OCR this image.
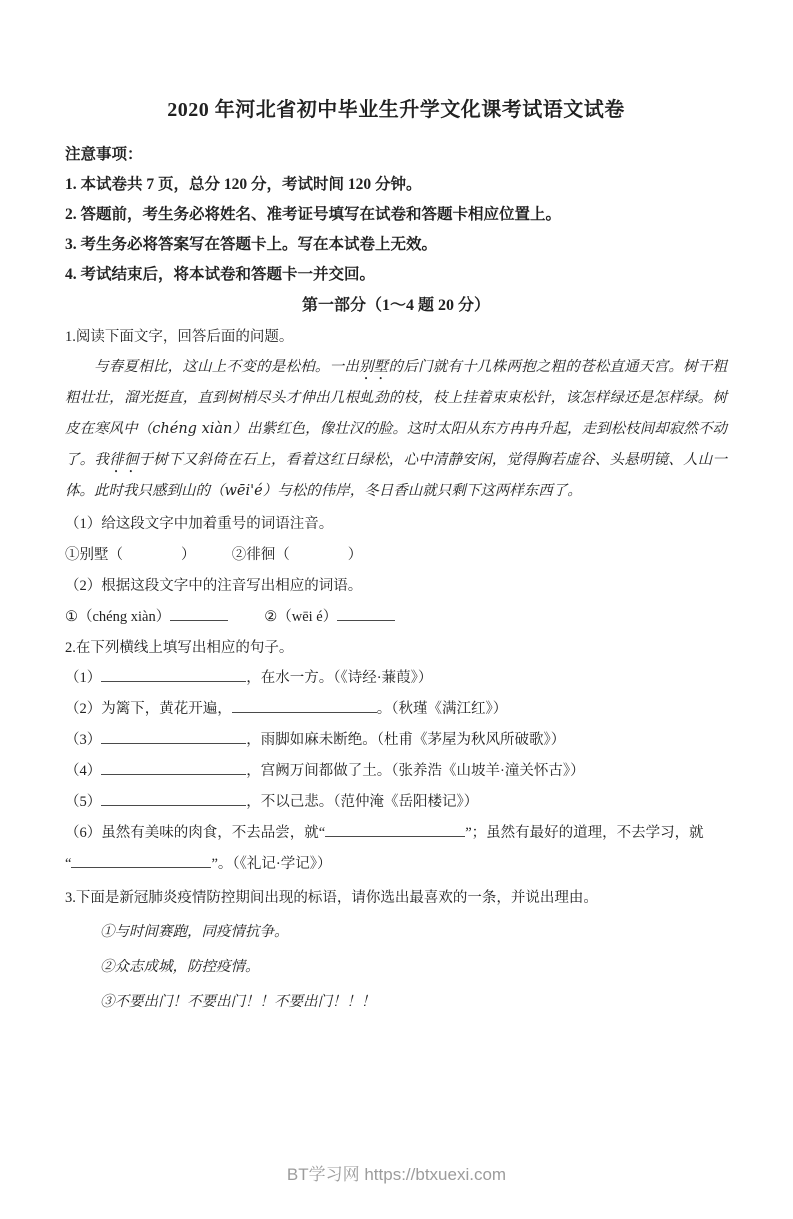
2020 年河北省初中毕业生升学文化课考试语文试卷
注意事项：
1. 本试卷共 7 页，总分 120 分，考试时间 120 分钟。
2. 答题前，考生务必将姓名、准考证号填写在试卷和答题卡相应位置上。
3. 考生务必将答案写在答题卡上。写在本试卷上无效。
4. 考试结束后，将本试卷和答题卡一并交回。
第一部分（1～4 题 20 分）
1.阅读下面文字，回答后面的问题。

与春夏相比，这山上不变的是松柏。一出别墅的后门就有十几株两抱之粗的苍松直通天宫。树干粗粗壮壮，溜光挺直，直到树梢尽头才伸出几根虬劲的枝，枝上挂着束束松针，该怎样绿还是怎样绿。树皮在寒风中（chéng xiàn）出紫红色，像壮汉的脸。这时太阳从东方冉冉升起，走到松枝间却寂然不动了。我徘徊于树下又斜倚在石上，看着这红日绿松，心中清静安闲，觉得胸若虚谷、头悬明镜、人山一体。此时我只感到山的（wēi'é）与松的伟岸，冬日香山就只剩下这两样东西了。

（1）给这段文字中加着重号的词语注音。
①别墅（　　　　）　　　②徘徊（　　　　）
（2）根据这段文字中的注音写出相应的词语。
①（chéng xiàn）	②（wēi é）
2.在下列横线上填写出相应的句子。
（1）	，在水一方。（《诗经·蒹葭》）
（2）为篱下，黄花开遍，	。（秋瑾《满江红》）
（3）	，雨脚如麻未断绝。（杜甫《茅屋为秋风所破歌》）
（4）	，宫阙万间都做了土。（张养浩《山坡羊·潼关怀古》）
（5）	，不以己悲。（范仲淹《岳阳楼记》）
（6）虽然有美味的肉食，不去品尝，就“	”；虽然有最好的道理，不去学习，就
“	”。（《礼记·学记》）
3.下面是新冠肺炎疫情防控期间出现的标语，请你选出最喜欢的一条，并说出理由。
①与时间赛跑，同疫情抗争。
②众志成城，防控疫情。
③不要出门！不要出门！！不要出门！！！
BT学习网 https://btxuexi.com
